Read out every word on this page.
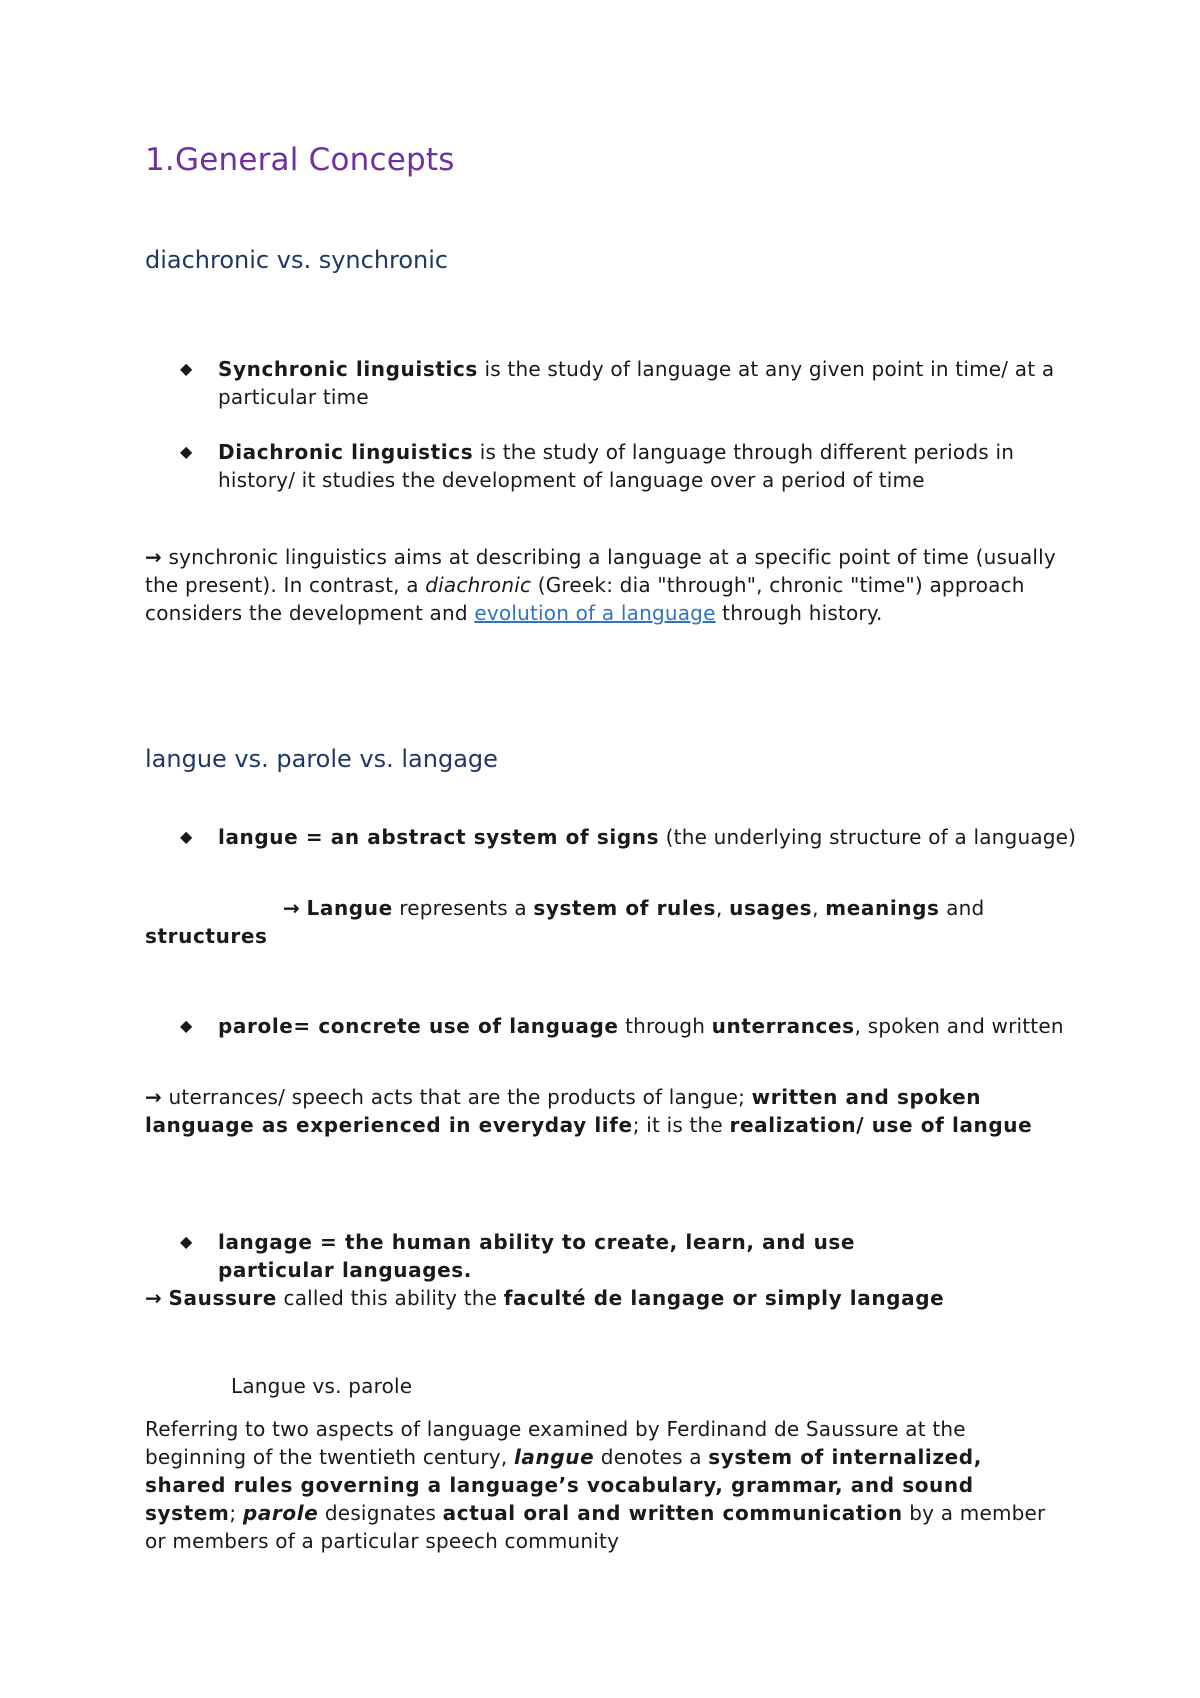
1.General Concepts
diachronic vs. synchronic
◆	Synchronic linguistics is the study of language at any given point in time/ at a particular time
◆	Diachronic linguistics is the study of language through different periods in history/ it studies the development of language over a period of time
→ synchronic linguistics aims at describing a language at a specific point of time (usually the present). In contrast, a diachronic (Greek: dia "through", chronic "time") approach considers the development and evolution of a language through history.
langue vs. parole vs. langage
◆	langue = an abstract system of signs (the underlying structure of a language)
→ Langue represents a system of rules, usages, meanings and structures
◆	parole= concrete use of language through unterrances, spoken and written
→ uterrances/ speech acts that are the products of langue; written and spoken language as experienced in everyday life; it is the realization/ use of langue
◆	langage = the human ability to create, learn, and use particular languages.
→ Saussure called this ability the faculté de langage or simply langage
Langue vs. parole
Referring to two aspects of language examined by Ferdinand de Saussure at the beginning of the twentieth century, langue denotes a system of internalized, shared rules governing a language’s vocabulary, grammar, and sound system; parole designates actual oral and written communication by a member or members of a particular speech community
